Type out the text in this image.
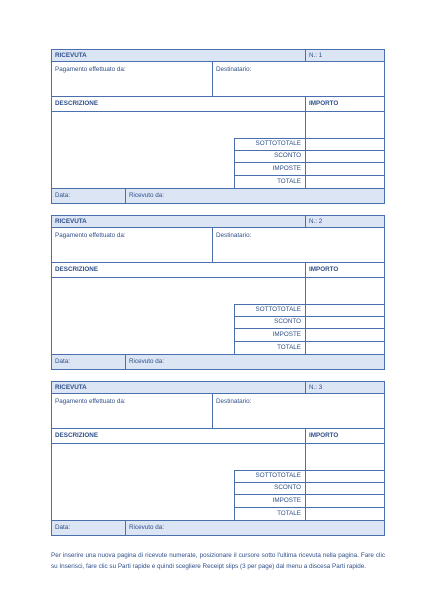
RICEVUTA	N.: 1
Pagamento effettuato da:	Destinatario:
DESCRIZIONE	IMPORTO
SOTTOTOTALE
SCONTO
IMPOSTE
TOTALE
Data:	Ricevuto da:
RICEVUTA	N.: 2
Pagamento effettuato da:	Destinatario:
DESCRIZIONE	IMPORTO
SOTTOTOTALE
SCONTO
IMPOSTE
TOTALE
Data:	Ricevuto da:
RICEVUTA	N.: 3
Pagamento effettuato da:	Destinatario:
DESCRIZIONE	IMPORTO
SOTTOTOTALE
SCONTO
IMPOSTE
TOTALE
Data:	Ricevuto da:
Per inserire una nuova pagina di ricevute numerate, posizionare il cursore sotto l'ultima ricevuta nella pagina. Fare clic su Inserisci, fare clic su Parti rapide e quindi scegliere Receipt slips (3 per page) dal menu a discesa Parti rapide.
